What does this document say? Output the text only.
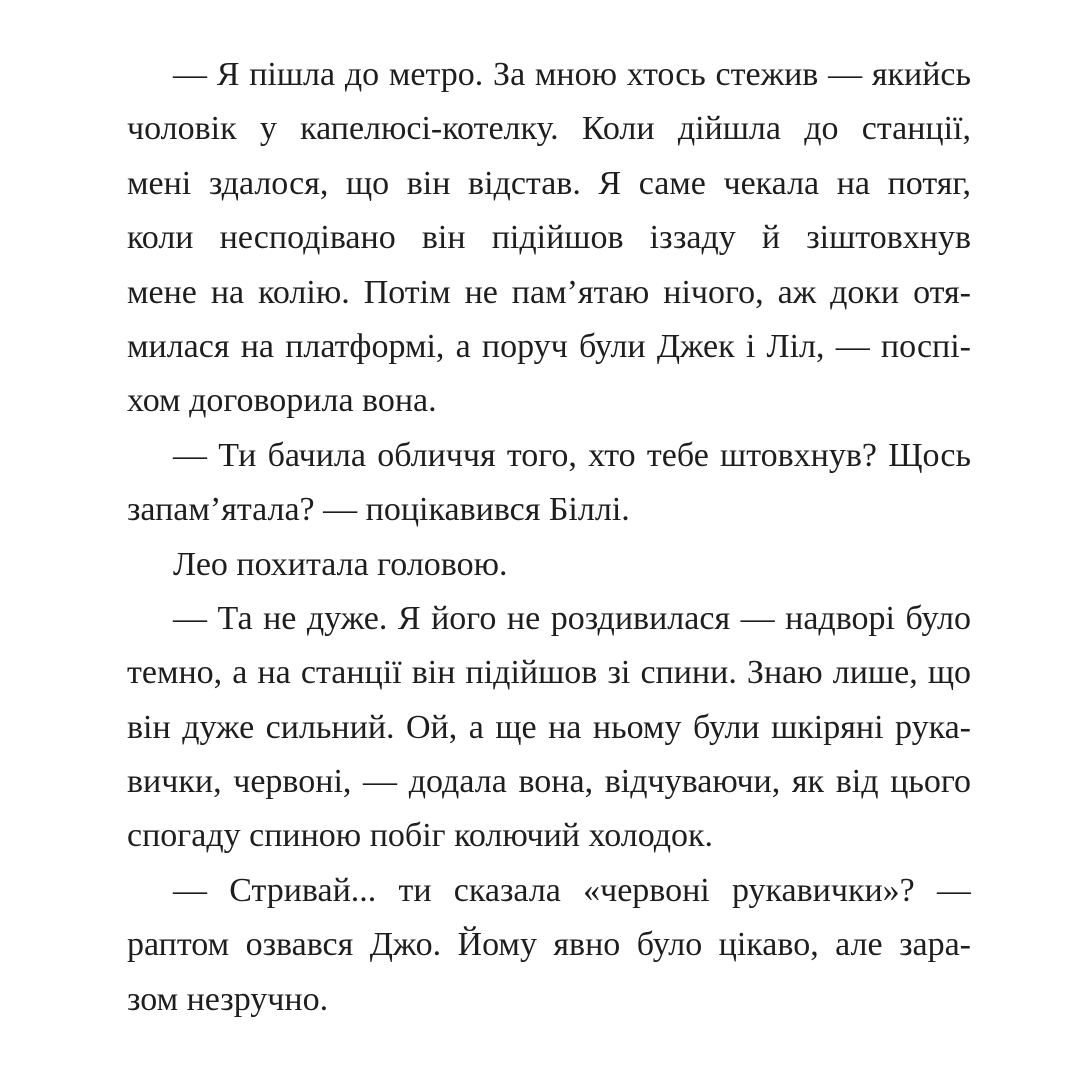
— Я пішла до метро. За мною хтось стежив — якийсь
чоловік у капелюсі-котелку. Коли дійшла до станції,
мені здалося, що він відстав. Я саме чекала на потяг,
коли несподівано він підійшов іззаду й зіштовхнув
мене на колію. Потім не пам’ятаю нічого, аж доки отя-
милася на платформі, а поруч були Джек і Ліл, — поспі-
хом договорила вона.
— Ти бачила обличчя того, хто тебе штовхнув? Щось
запам’ятала? — поцікавився Біллі.
Лео похитала головою.
— Та не дуже. Я його не роздивилася — надворі було
темно, а на станції він підійшов зі спини. Знаю лише, що
він дуже сильний. Ой, а ще на ньому були шкіряні рука-
вички, червоні, — додала вона, відчуваючи, як від цього
спогаду спиною побіг колючий холодок.
— Стривай... ти сказала «червоні рукавички»? —
раптом озвався Джо. Йому явно було цікаво, але зара-
зом незручно.
